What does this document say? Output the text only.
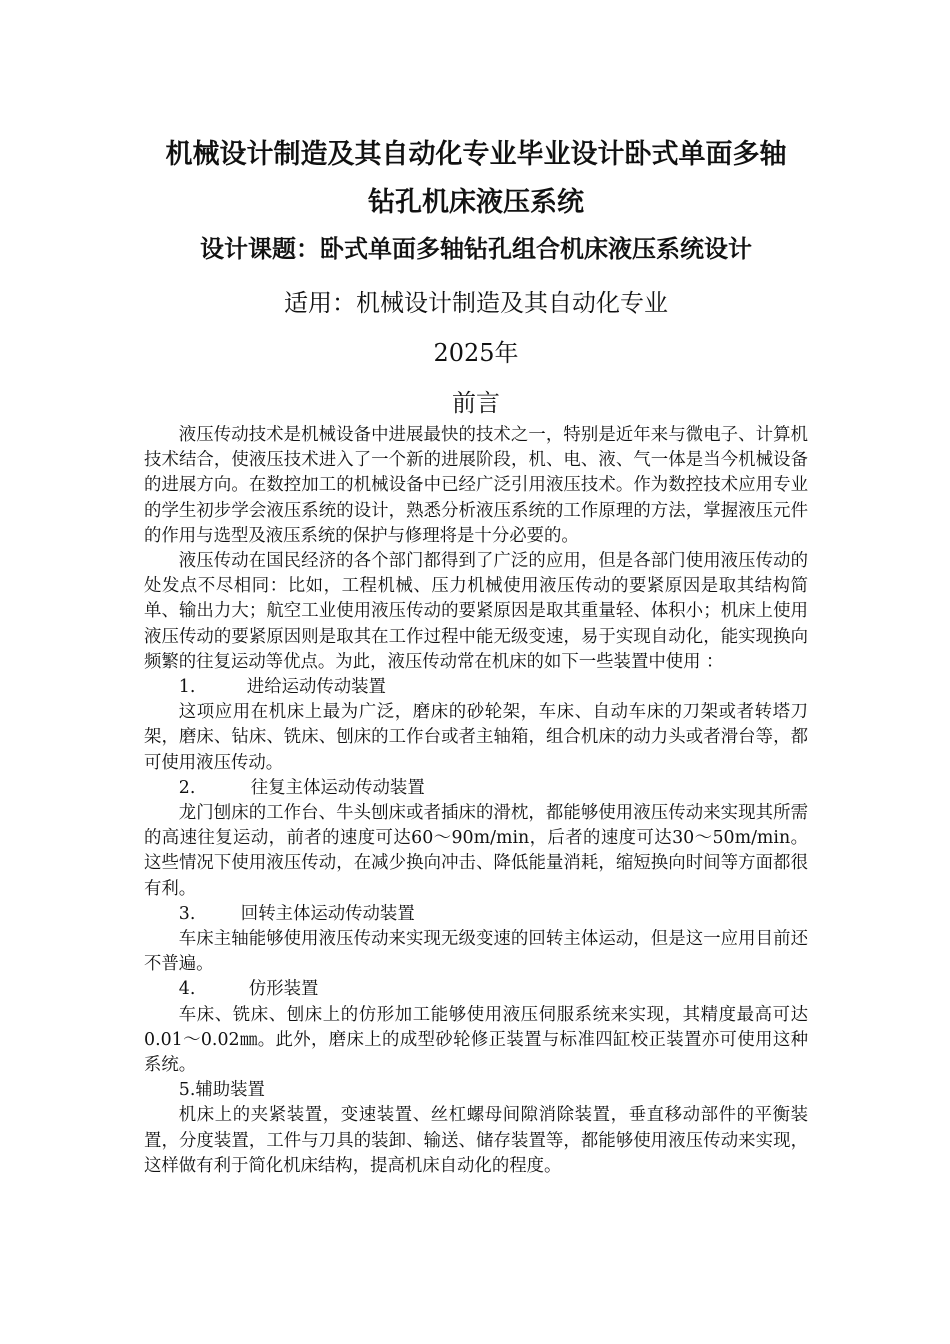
机械设计制造及其自动化专业毕业设计卧式单面多轴
钻孔机床液压系统
设计课题：卧式单面多轴钻孔组合机床液压系统设计
适用：机械设计制造及其自动化专业
2025年
前言

液压传动技术是机械设备中进展最快的技术之一，特别是近年来与微电子、计算机技术结合，使液压技术进入了一个新的进展阶段，机、电、液、气一体是当今机械设备的进展方向。在数控加工的机械设备中已经广泛引用液压技术。作为数控技术应用专业的学生初步学会液压系统的设计，熟悉分析液压系统的工作原理的方法，掌握液压元件的作用与选型及液压系统的保护与修理将是十分必要的。

液压传动在国民经济的各个部门都得到了广泛的应用，但是各部门使用液压传动的处发点不尽相同：比如，工程机械、压力机械使用液压传动的要紧原因是取其结构简单、输出力大；航空工业使用液压传动的要紧原因是取其重量轻、体积小；机床上使用液压传动的要紧原因则是取其在工作过程中能无级变速，易于实现自动化，能实现换向频繁的往复运动等优点。为此，液压传动常在机床的如下一些装置中使用 ：

1.	进给运动传动装置

这项应用在机床上最为广泛，磨床的砂轮架，车床、自动车床的刀架或者转塔刀架，磨床、钻床、铣床、刨床的工作台或者主轴箱，组合机床的动力头或者滑台等，都可使用液压传动。

2.	往复主体运动传动装置

龙门刨床的工作台、牛头刨床或者插床的滑枕，都能够使用液压传动来实现其所需的高速往复运动，前者的速度可达60～90m/min，后者的速度可达30～50m/min。这些情况下使用液压传动，在减少换向冲击、降低能量消耗，缩短换向时间等方面都很有利。

3.	回转主体运动传动装置

车床主轴能够使用液压传动来实现无级变速的回转主体运动，但是这一应用目前还不普遍。

4.	仿形装置

车床、铣床、刨床上的仿形加工能够使用液压伺服系统来实现，其精度最高可达0.01～0.02㎜。此外，磨床上的成型砂轮修正装置与标准四缸校正装置亦可使用这种系统。

5.辅助装置

机床上的夹紧装置，变速装置、丝杠螺母间隙消除装置，垂直移动部件的平衡装置，分度装置，工件与刀具的装卸、输送、储存装置等，都能够使用液压传动来实现，这样做有利于简化机床结构，提高机床自动化的程度。
